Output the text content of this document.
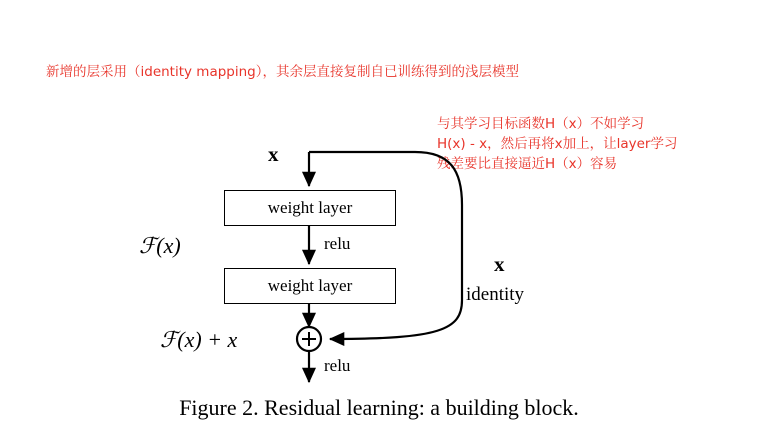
新增的层采用（identity mapping），其余层直接复制自已训练得到的浅层模型
与其学习目标函数H（x）不如学习
H(x) - x，然后再将x加上，让layer学习
残差要比直接逼近H（x）容易
weight layer
weight layer
x
ℱ(x)	relu
relu
ℱ(x) + x
x
identity
Figure 2. Residual learning: a building block.
